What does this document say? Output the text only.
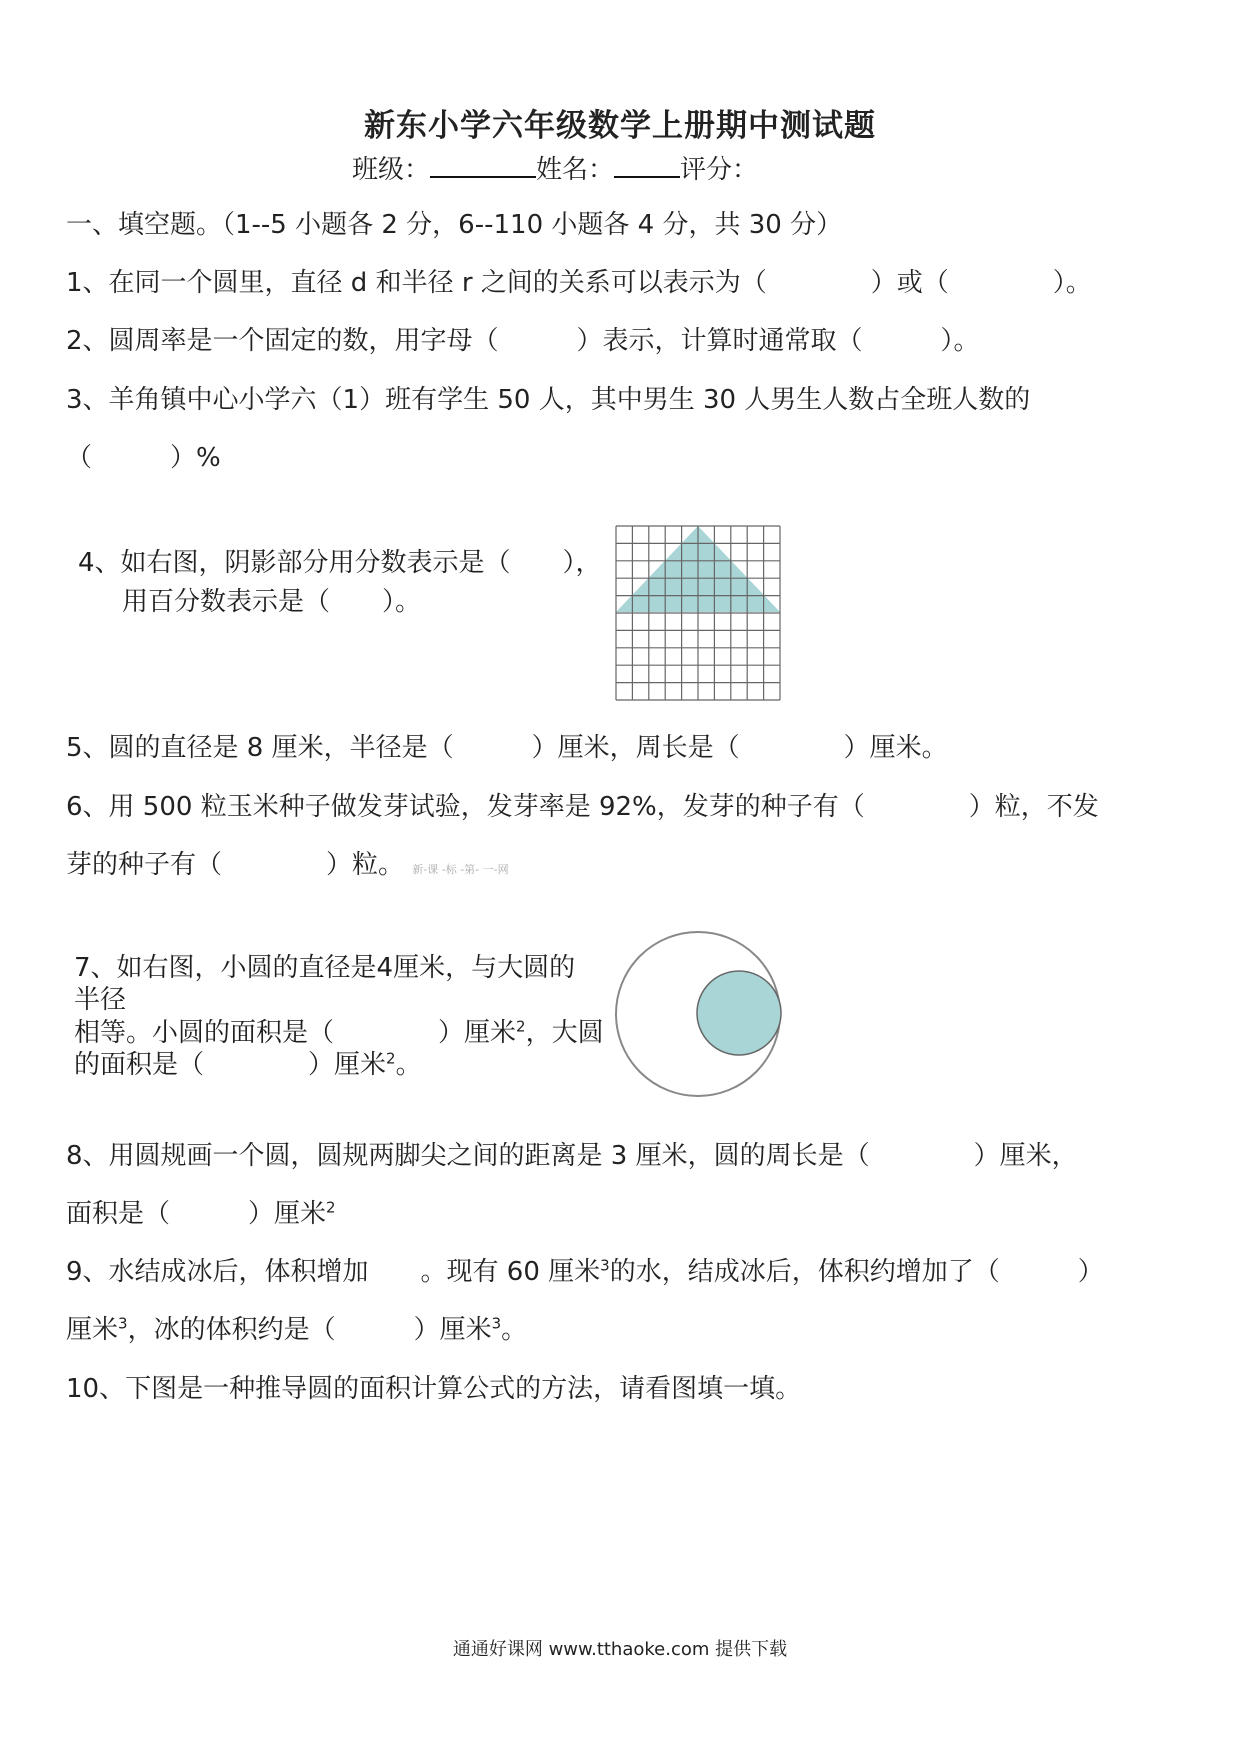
新东小学六年级数学上册期中测试题
班级：	姓名：	评分：
一、填空题。（1--5 小题各 2 分，6--110 小题各 4 分，共 30 分）
1、在同一个圆里，直径 d 和半径 r 之间的关系可以表示为（　　　　）或（　　　　）。
2、圆周率是一个固定的数，用字母（　　　）表示，计算时通常取（　　　）。
3、羊角镇中心小学六（1）班有学生 50 人，其中男生 30 人男生人数占全班人数的
（　　　）%
4、如右图，阴影部分用分数表示是（　　），
用百分数表示是（　　）。
5、圆的直径是 8 厘米，半径是（　　　）厘米，周长是（　　　　）厘米。
6、用 500 粒玉米种子做发芽试验，发芽率是 92%，发芽的种子有（　　　　）粒，不发
芽的种子有（　　　　）粒。 新-课 -标 -第- 一-网
7、如右图，小圆的直径是4厘米，与大圆的
半径
相等。小圆的面积是（　　　　）厘米$^2$，大圆
的面积是（　　　　）厘米$^2$。
8、用圆规画一个圆，圆规两脚尖之间的距离是 3 厘米，圆的周长是（　　　　）厘米，
面积是（　　　）厘米$^2$
9、水结成冰后，体积增加　　。现有 60 厘米$^3$的水，结成冰后，体积约增加了（　　　）
厘米$^3$，冰的体积约是（　　　）厘米$^3$。
10、下图是一种推导圆的面积计算公式的方法，请看图填一填。
通通好课网 www.tthaoke.com 提供下载
